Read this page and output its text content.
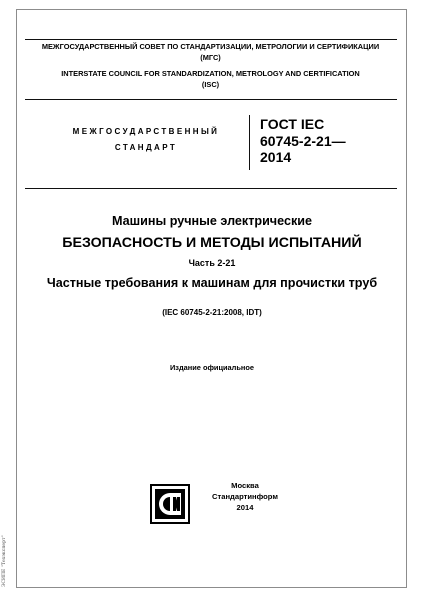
МЕЖГОСУДАРСТВЕННЫЙ СОВЕТ ПО СТАНДАРТИЗАЦИИ, МЕТРОЛОГИИ И СЕРТИФИКАЦИИ
(МГС)
INTERSTATE COUNCIL FOR STANDARDIZATION, METROLOGY AND CERTIFICATION
(ISC)
МЕЖГОСУДАРСТВЕННЫЙ
СТАНДАРТ
ГОСТ IEC
60745-2-21—
2014
Машины ручные электрические
БЕЗОПАСНОСТЬ И МЕТОДЫ ИСПЫТАНИЙ
Часть 2-21
Частные требования к машинам для прочистки труб
(IEC 60745-2-21:2008, IDT)
Издание официальное
Москва
Стандартинформ
2014
ЭСИПЕ "Техэксперт"
